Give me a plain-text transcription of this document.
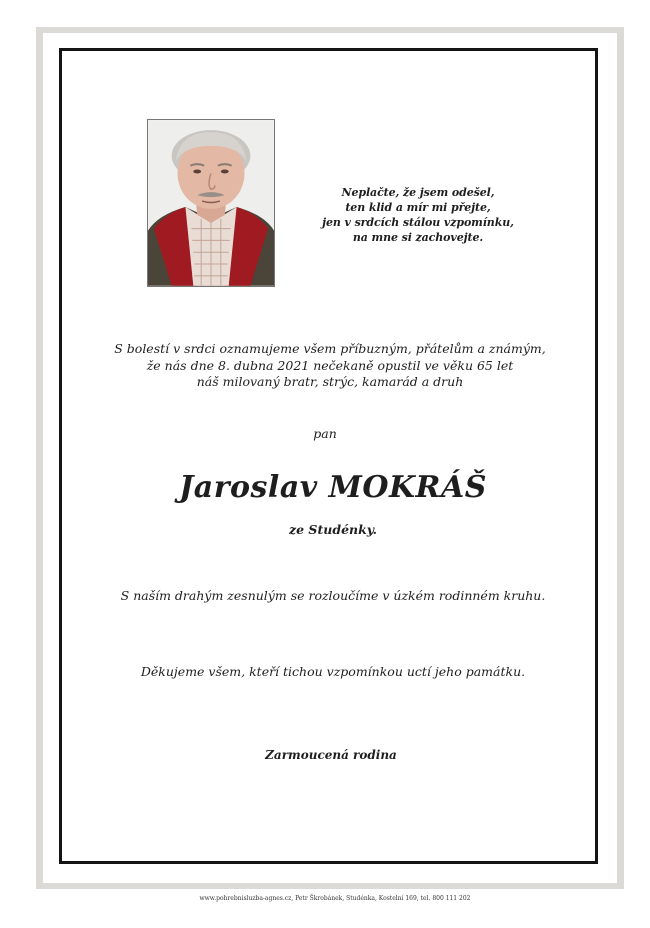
Neplačte, že jsem odešel,
ten klid a mír mi přejte,
jen v srdcích stálou vzpomínku,
na mne si zachovejte.
S bolestí v srdci oznamujeme všem příbuzným, přátelům a známým,
že nás dne 8. dubna 2021 nečekaně opustil ve věku 65 let
náš milovaný bratr, strýc, kamarád a druh
pan
Jaroslav MOKRÁŠ
ze Studénky.
S naším drahým zesnulým se rozloučíme v úzkém rodinném kruhu.
Děkujeme všem, kteří tichou vzpomínkou uctí jeho památku.
Zarmoucená rodina
www.pohrebnisluzba-agnes.cz, Petr Škrobánek, Studénka, Kostelní 169, tel. 800 111 202
